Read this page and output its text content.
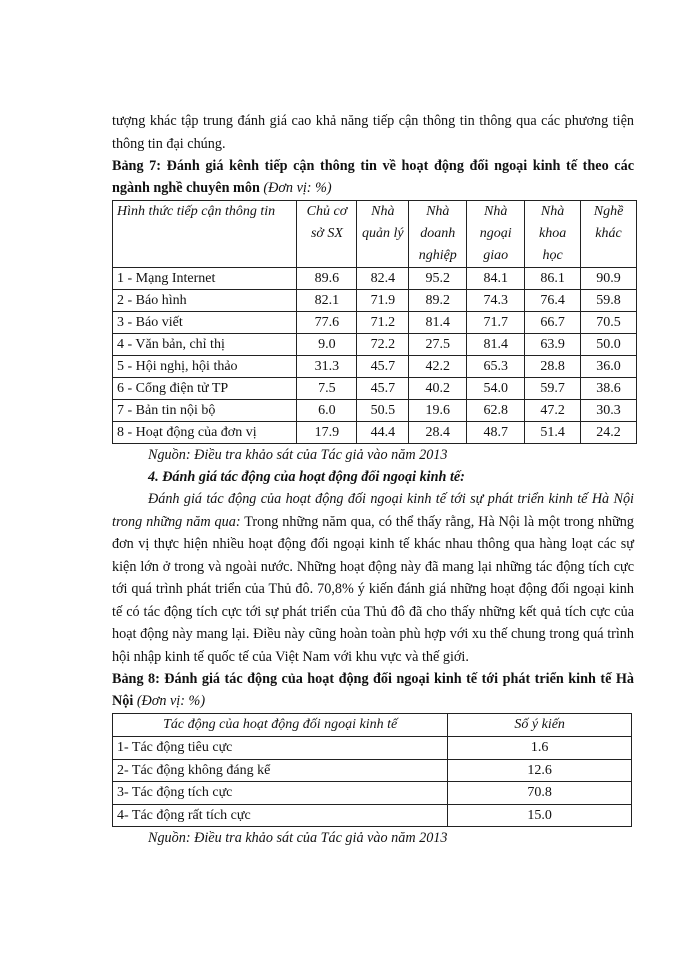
tượng khác tập trung đánh giá cao khả năng tiếp cận thông tin thông qua các phương tiện thông tin đại chúng.

Bảng 7: Đánh giá kênh tiếp cận thông tin về hoạt động đối ngoại kinh tế theo các ngành nghề chuyên môn (Đơn vị: %)

Hình thức tiếp cận thông tin	Chủ cơ sở SX	Nhà quản lý	Nhà doanh nghiệp	Nhà ngoại giao	Nhà khoa học	Nghề khác
1 - Mạng Internet	89.6	82.4	95.2	84.1	86.1	90.9
2 - Báo hình	82.1	71.9	89.2	74.3	76.4	59.8
3 - Báo viết	77.6	71.2	81.4	71.7	66.7	70.5
4 - Văn bản, chỉ thị	9.0	72.2	27.5	81.4	63.9	50.0
5 - Hội nghị, hội thảo	31.3	45.7	42.2	65.3	28.8	36.0
6 - Cổng điện tử TP	7.5	45.7	40.2	54.0	59.7	38.6
7 - Bản tin nội bộ	6.0	50.5	19.6	62.8	47.2	30.3
8 - Hoạt động của đơn vị	17.9	44.4	28.4	48.7	51.4	24.2

Nguồn: Điều tra khảo sát của Tác giả vào năm 2013

4. Đánh giá tác động của hoạt động đối ngoại kinh tế:

Đánh giá tác động của hoạt động đối ngoại kinh tế tới sự phát triển kinh tế Hà Nội trong những năm qua: Trong những năm qua, có thể thấy rằng, Hà Nội là một trong những đơn vị thực hiện nhiều hoạt động đối ngoại kinh tế khác nhau thông qua hàng loạt các sự kiện lớn ở trong và ngoài nước. Những hoạt động này đã mang lại những tác động tích cực tới quá trình phát triển của Thủ đô. 70,8% ý kiến đánh giá những hoạt động đối ngoại kinh tế có tác động tích cực tới sự phát triển của Thủ đô đã cho thấy những kết quả tích cực của hoạt động này mang lại. Điều này cũng hoàn toàn phù hợp với xu thế chung trong quá trình hội nhập kinh tế quốc tế của Việt Nam với khu vực và thế giới.

Bảng 8: Đánh giá tác động của hoạt động đối ngoại kinh tế tới phát triển kinh tế Hà Nội (Đơn vị: %)

Tác động của hoạt động đối ngoại kinh tế	Số ý kiến
1- Tác động tiêu cực	1.6
2- Tác động không đáng kể	12.6
3- Tác động tích cực	70.8
4- Tác động rất tích cực	15.0

Nguồn: Điều tra khảo sát của Tác giả vào năm 2013
